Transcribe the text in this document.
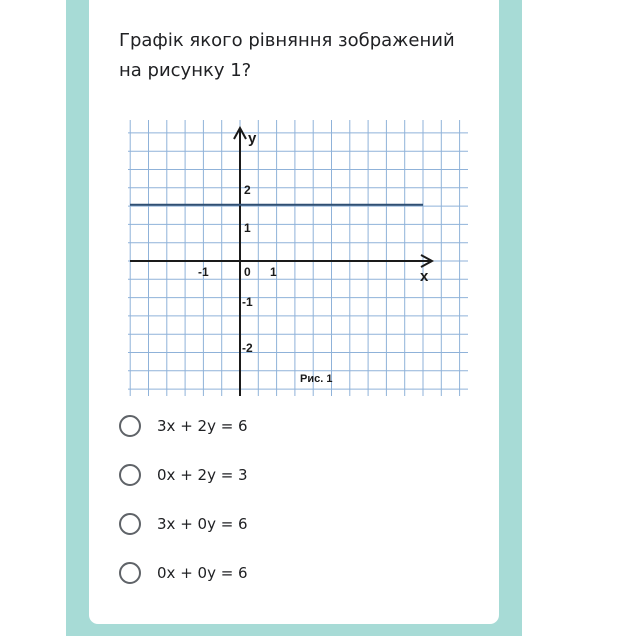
Графік якого рівняння зображений на рисунку 1?

-1	0 1
2
1
-1
-2
x
y
Рис. 1
3x + 2y = 6
0x + 2y = 3
3x + 0y = 6
0x + 0y = 6
